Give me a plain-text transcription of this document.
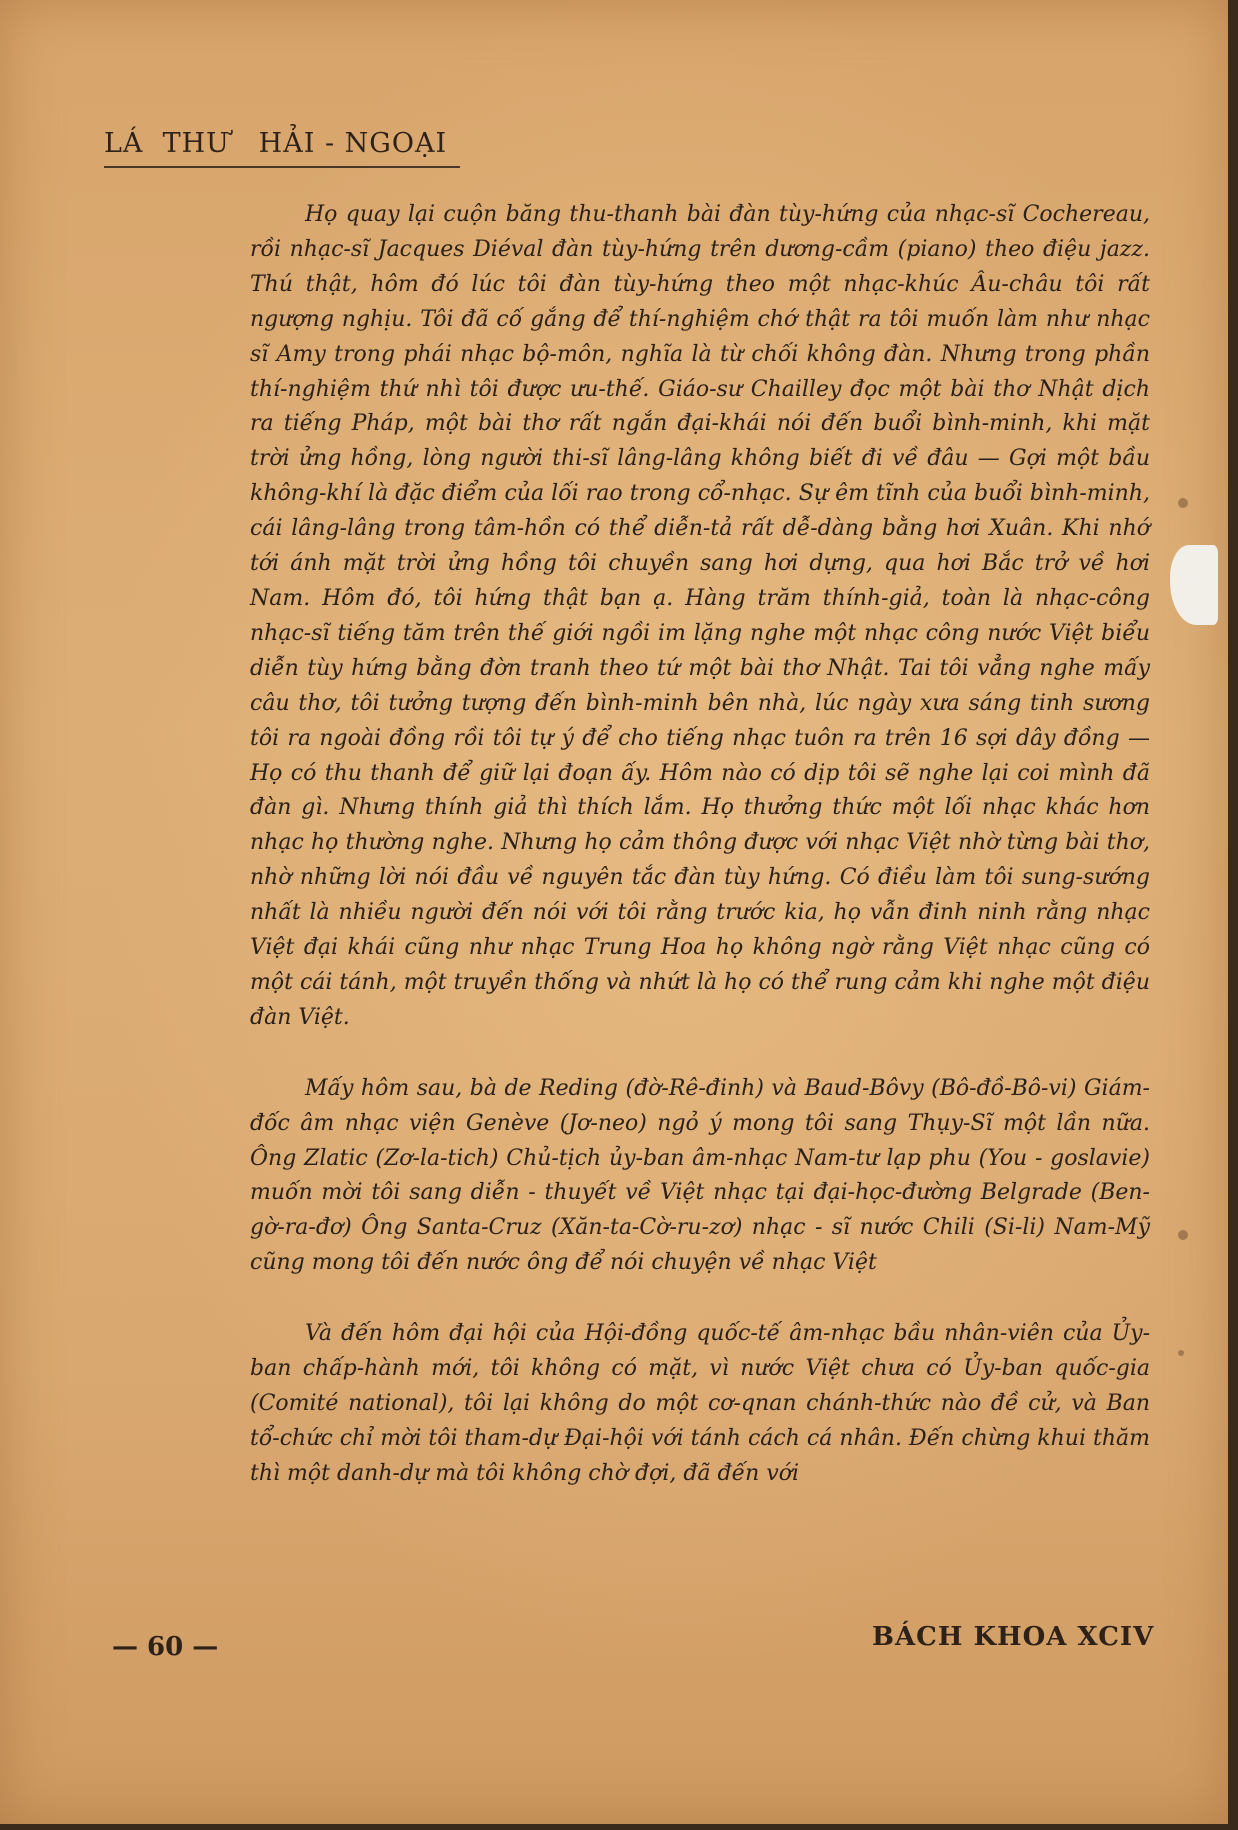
LÁ  THƯ   HẢI - NGOẠI

Họ quay lại cuộn băng thu-thanh bài đàn tùy-hứng của nhạc-sĩ Cochereau, rồi nhạc-sĩ Jacques Diéval đàn tùy-hứng trên dương-cầm (piano) theo điệu jazz. Thú thật, hôm đó lúc tôi đàn tùy-hứng theo một nhạc-khúc Âu-châu tôi rất ngượng nghịu. Tôi đã cố gắng để thí-nghiệm chớ thật ra tôi muốn làm như nhạc sĩ Amy trong phái nhạc bộ-môn, nghĩa là từ chối không đàn. Nhưng trong phần thí-nghiệm thứ nhì tôi được ưu-thế. Giáo-sư Chailley đọc một bài thơ Nhật dịch ra tiếng Pháp, một bài thơ rất ngắn đại-khái nói đến buổi bình-minh, khi mặt trời ửng hồng, lòng người thi-sĩ lâng-lâng không biết đi về đâu — Gợi một bầu không-khí là đặc điểm của lối rao trong cổ-nhạc. Sự êm tĩnh của buổi bình-minh, cái lâng-lâng trong tâm-hồn có thể diễn-tả rất dễ-dàng bằng hơi Xuân. Khi nhớ tới ánh mặt trời ửng hồng tôi chuyền sang hơi dựng, qua hơi Bắc trở về hơi Nam. Hôm đó, tôi hứng thật bạn ạ. Hàng trăm thính-giả, toàn là nhạc-công nhạc-sĩ tiếng tăm trên thế giới ngồi im lặng nghe một nhạc công nước Việt biểu diễn tùy hứng bằng đờn tranh theo tứ một bài thơ Nhật. Tai tôi vẳng nghe mấy câu thơ, tôi tưởng tượng đến bình-minh bên nhà, lúc ngày xưa sáng tinh sương tôi ra ngoài đồng rồi tôi tự ý để cho tiếng nhạc tuôn ra trên 16 sợi dây đồng — Họ có thu thanh để giữ lại đoạn ấy. Hôm nào có dịp tôi sẽ nghe lại coi mình đã đàn gì. Nhưng thính giả thì thích lắm. Họ thưởng thức một lối nhạc khác hơn nhạc họ thường nghe. Nhưng họ cảm thông được với nhạc Việt nhờ từng bài thơ, nhờ những lời nói đầu về nguyên tắc đàn tùy hứng. Có điều làm tôi sung-sướng nhất là nhiều người đến nói với tôi rằng trước kia, họ vẫn đinh ninh rằng nhạc Việt đại khái cũng như nhạc Trung Hoa họ không ngờ rằng Việt nhạc cũng có một cái tánh, một truyền thống và nhứt là họ có thể rung cảm khi nghe một điệu đàn Việt.

Mấy hôm sau, bà de Reding (đờ-Rê-đinh) và Baud-Bôvy (Bô-đồ-Bô-vi) Giám-đốc âm nhạc viện Genève (Jơ-neo) ngỏ ý mong tôi sang Thụy-Sĩ một lần nữa. Ông Zlatic (Zơ-la-tich) Chủ-tịch ủy-ban âm-nhạc Nam-tư lạp phu (You - goslavie) muốn mời tôi sang diễn - thuyết về Việt nhạc tại đại-học-đường Belgrade (Ben-gờ-ra-đơ) Ông Santa-Cruz (Xăn-ta-Cờ-ru-zơ) nhạc - sĩ nước Chili (Si-li) Nam-Mỹ cũng mong tôi đến nước ông để nói chuyện về nhạc Việt

Và đến hôm đại hội của Hội-đồng quốc-tế âm-nhạc bầu nhân-viên của Ủy-ban chấp-hành mới, tôi không có mặt, vì nước Việt chưa có Ủy-ban quốc-gia (Comité national), tôi lại không do một cơ-qnan chánh-thức nào đề cử, và Ban tổ-chức chỉ mời tôi tham-dự Đại-hội với tánh cách cá nhân. Đến chừng khui thăm thì một danh-dự mà tôi không chờ đợi, đã đến với

— 60 —	BÁCH KHOA XCIV
